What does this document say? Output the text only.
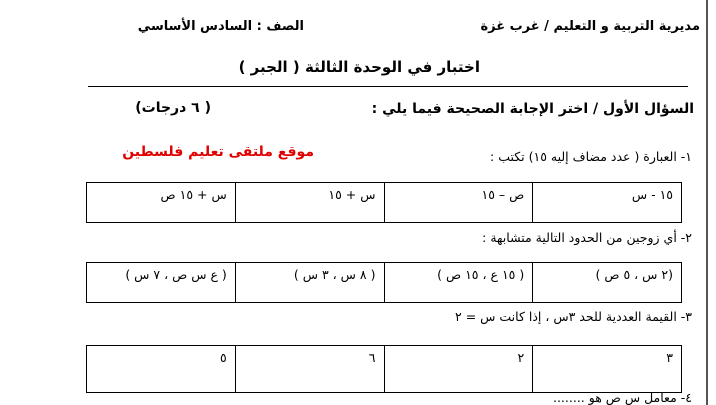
مديرية التربية و التعليم / غرب غزة
الصف : السادس الأساسي
اختبار في الوحدة الثالثة ( الجبر )
السؤال الأول / اختر الإجابة الصحيحة فيما يلي :
( ٦ درجات)
موقع ملتقى تعليم فلسطين	١- العبارة ( عدد مضاف إليه ١٥) تكتب :
١٥ - س	ص – ١٥	س + ١٥	س + ١٥ ص
٢- أي زوجين من الحدود التالية متشابهة :
(٢ س ، ٥ ص )	( ١٥ ع ، ١٥ ص )	( ٨ س ، ٣ س )	( ع س ص ، ٧ س )
٣- القيمة العددية للحد ٣س ، إذا كانت س = ٢
٣	٢	٦	٥
٤- معامل س ص هو ........
